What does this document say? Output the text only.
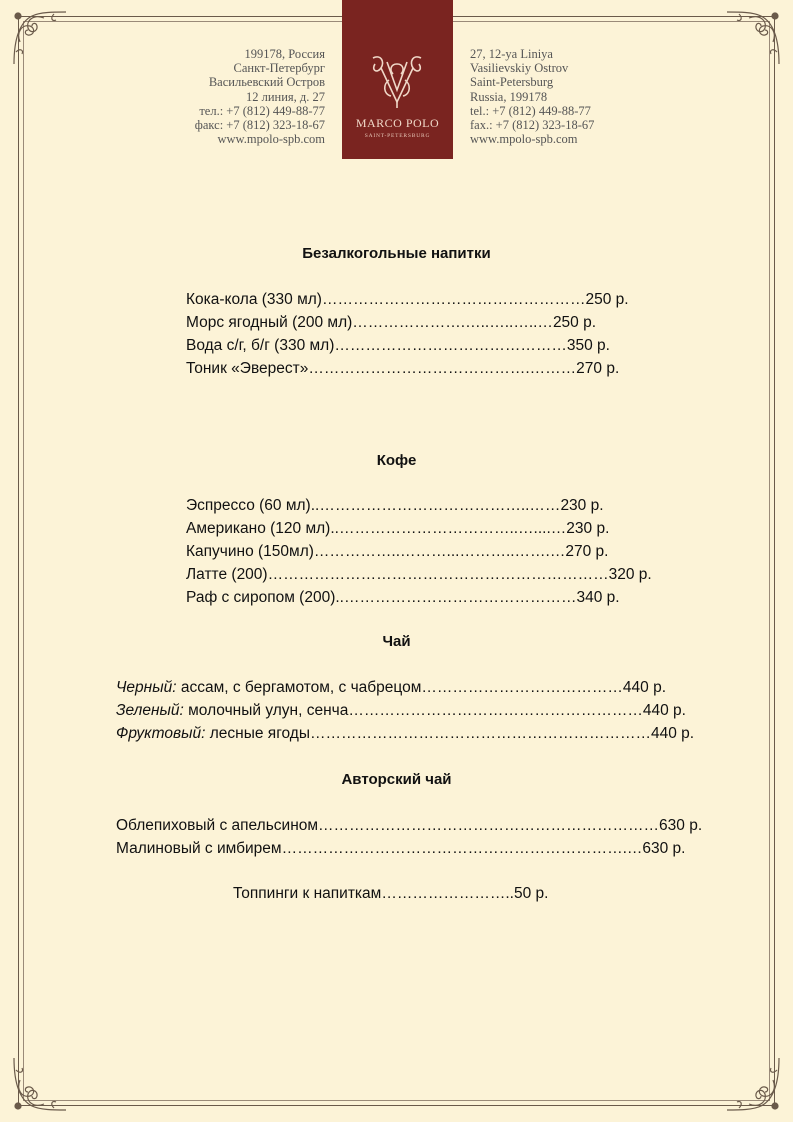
199178, Россия
Санкт-Петербург
Васильевский Остров
12 линия, д. 27
тел.: +7 (812) 449-88-77
факс: +7 (812) 323-18-67
www.mpolo-spb.com
MARCO POLO
SAINT-PETERSBURG
27, 12-ya Liniya
Vasilievskiy Ostrov
Saint-Petersburg
Russia, 199178
tel.: +7 (812) 449-88-77
fax.: +7 (812) 323-18-67
www.mpolo-spb.com
Безалкогольные напитки
Кока-кола (330 мл)……………………………………………250 р.
Морс ягодный (200 мл)………………….…..…..…..…250 р.
Вода с/г, б/г (330 мл)………………………………………350 р.
Тоник «Эверест»…………………………………….………270 р.
Кофе
Эспрессо (60 мл)..…………………………………..……230 р.
Американо (120 мл)..……………………………..…....…230 р.
Капучино (150мл)……………..………...………..…….…270 р.
Латте (200)…………………………………………………………320 р.
Раф с сиропом (200)..………………………………………340 р.
Чай
Черный: ассам, с бергамотом, с чабрецом…………………………………440 р.
Зеленый: молочный улун, сенча…………………………………………………440 р.
Фруктовый: лесные ягоды…………………………………………………………440 р.
Авторский чай
Облепиховый с апельсином…………………………………………………………630 р.
Малиновый с имбирем………………………………………………………….…630 р.
Топпинги к напиткам……………………..50 р.
